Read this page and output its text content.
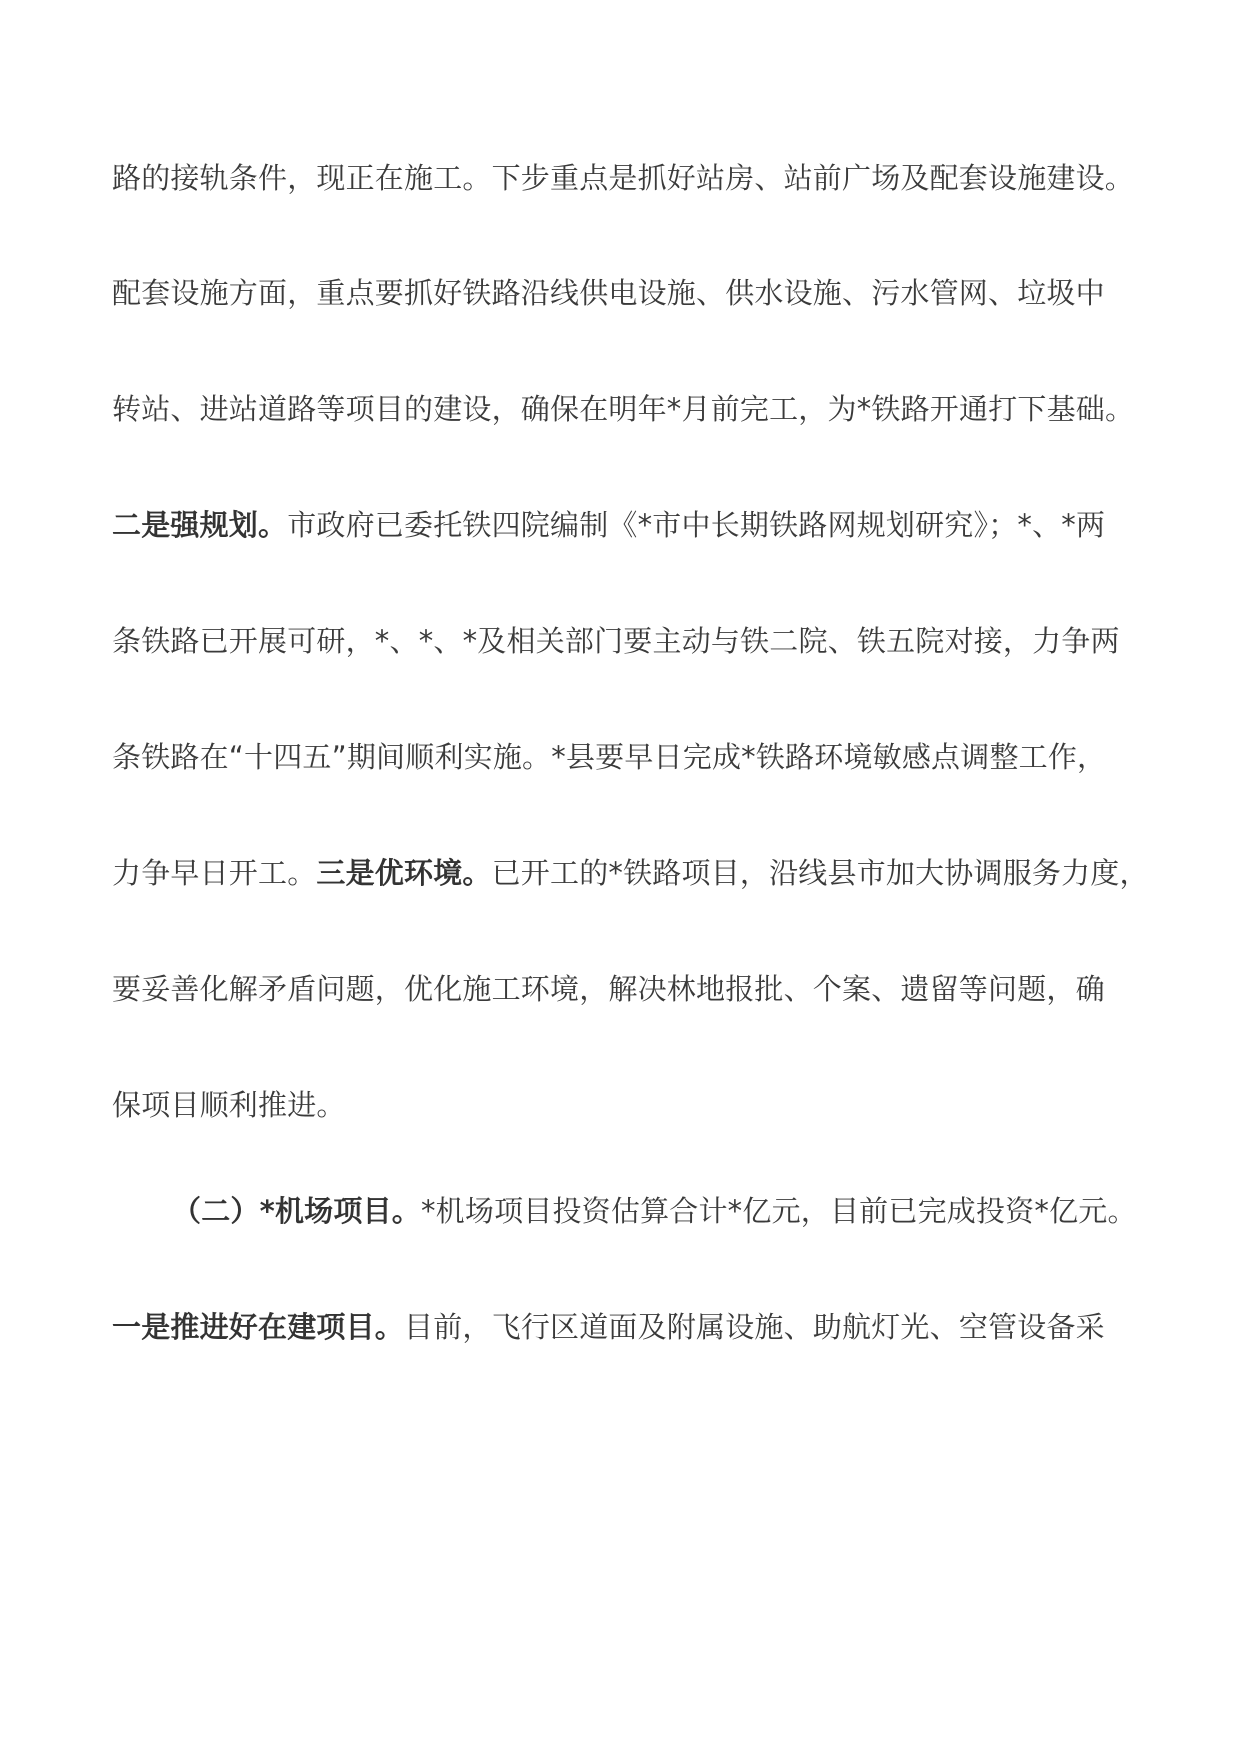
路的接轨条件，现正在施工。下步重点是抓好站房、站前广场及配套设施建设。
配套设施方面，重点要抓好铁路沿线供电设施、供水设施、污水管网、垃圾中
转站、进站道路等项目的建设，确保在明年*月前完工，为*铁路开通打下基础。
二是强规划。市政府已委托铁四院编制《*市中长期铁路网规划研究》；*、*两
条铁路已开展可研，*、*、*及相关部门要主动与铁二院、铁五院对接，力争两
条铁路在“十四五”期间顺利实施。*县要早日完成*铁路环境敏感点调整工作，
力争早日开工。三是优环境。已开工的*铁路项目，沿线县市加大协调服务力度，
要妥善化解矛盾问题，优化施工环境，解决林地报批、个案、遗留等问题，确
保项目顺利推进。
（二）*机场项目。*机场项目投资估算合计*亿元，目前已完成投资*亿元。
一是推进好在建项目。目前，飞行区道面及附属设施、助航灯光、空管设备采
